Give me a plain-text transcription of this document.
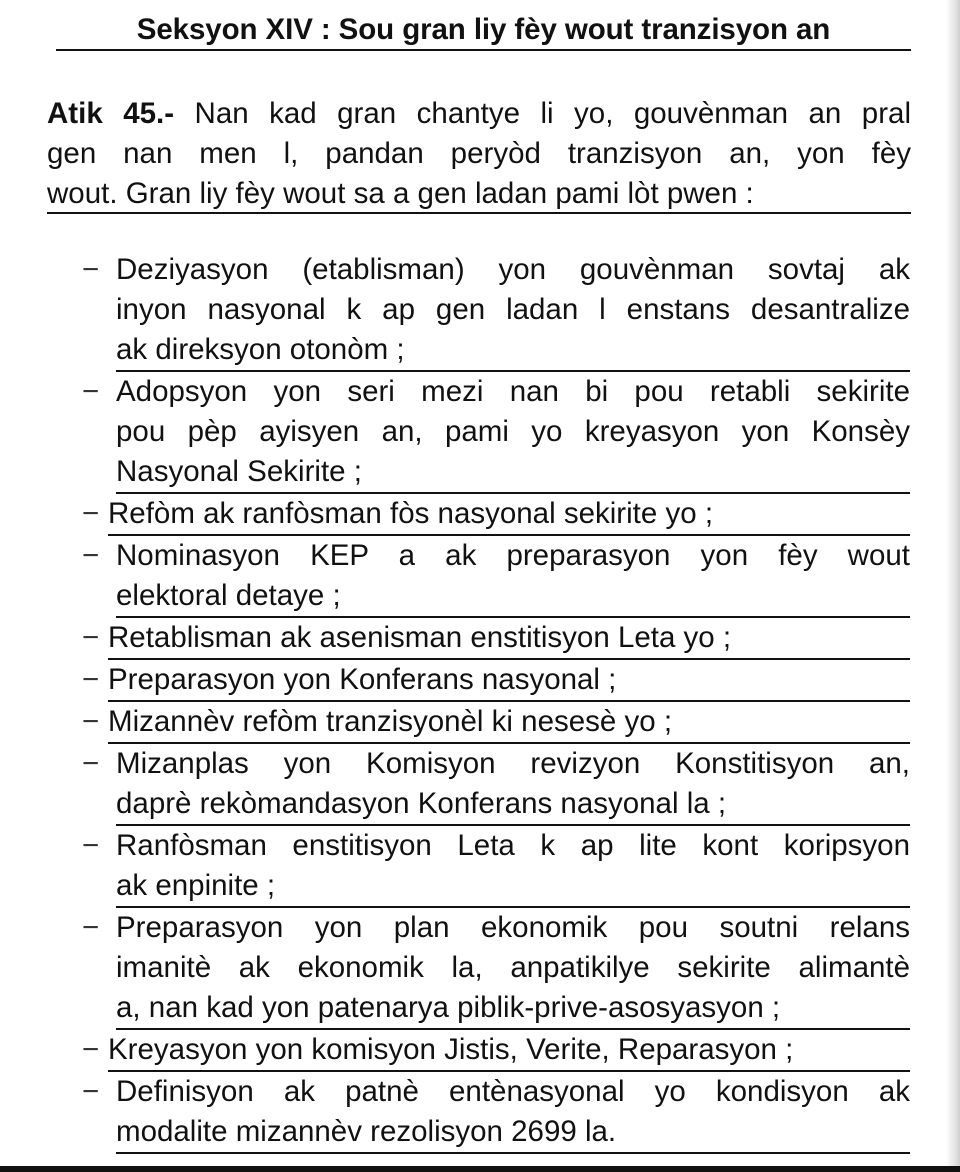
Seksyon XIV : Sou gran liy fèy wout tranzisyon an
Atik 45.- Nan kad gran chantye li yo, gouvènman an pral
gen nan men l, pandan peryòd tranzisyon an, yon fèy
wout. Gran liy fèy wout sa a gen ladan pami lòt pwen :
− Deziyasyon (etablisman) yon gouvènman sovtaj ak
inyon nasyonal k ap gen ladan l enstans desantralize
ak direksyon otonòm ;
− Adopsyon yon seri mezi nan bi pou retabli sekirite
pou pèp ayisyen an, pami yo kreyasyon yon Konsèy
Nasyonal Sekirite ;
− Refòm ak ranfòsman fòs nasyonal sekirite yo ;
− Nominasyon KEP a ak preparasyon yon fèy wout
elektoral detaye ;
− Retablisman ak asenisman enstitisyon Leta yo ;
− Preparasyon yon Konferans nasyonal ;
− Mizannèv refòm tranzisyonèl ki nesesè yo ;
− Mizanplas yon Komisyon revizyon Konstitisyon an,
daprè rekòmandasyon Konferans nasyonal la ;
− Ranfòsman enstitisyon Leta k ap lite kont koripsyon
ak enpinite ;
− Preparasyon yon plan ekonomik pou soutni relans
imanitè ak ekonomik la, anpatikilye sekirite alimantè
a, nan kad yon patenarya piblik-prive-asosyasyon ;
− Kreyasyon yon komisyon Jistis, Verite, Reparasyon ;
− Definisyon ak patnè entènasyonal yo kondisyon ak
modalite mizannèv rezolisyon 2699 la.
